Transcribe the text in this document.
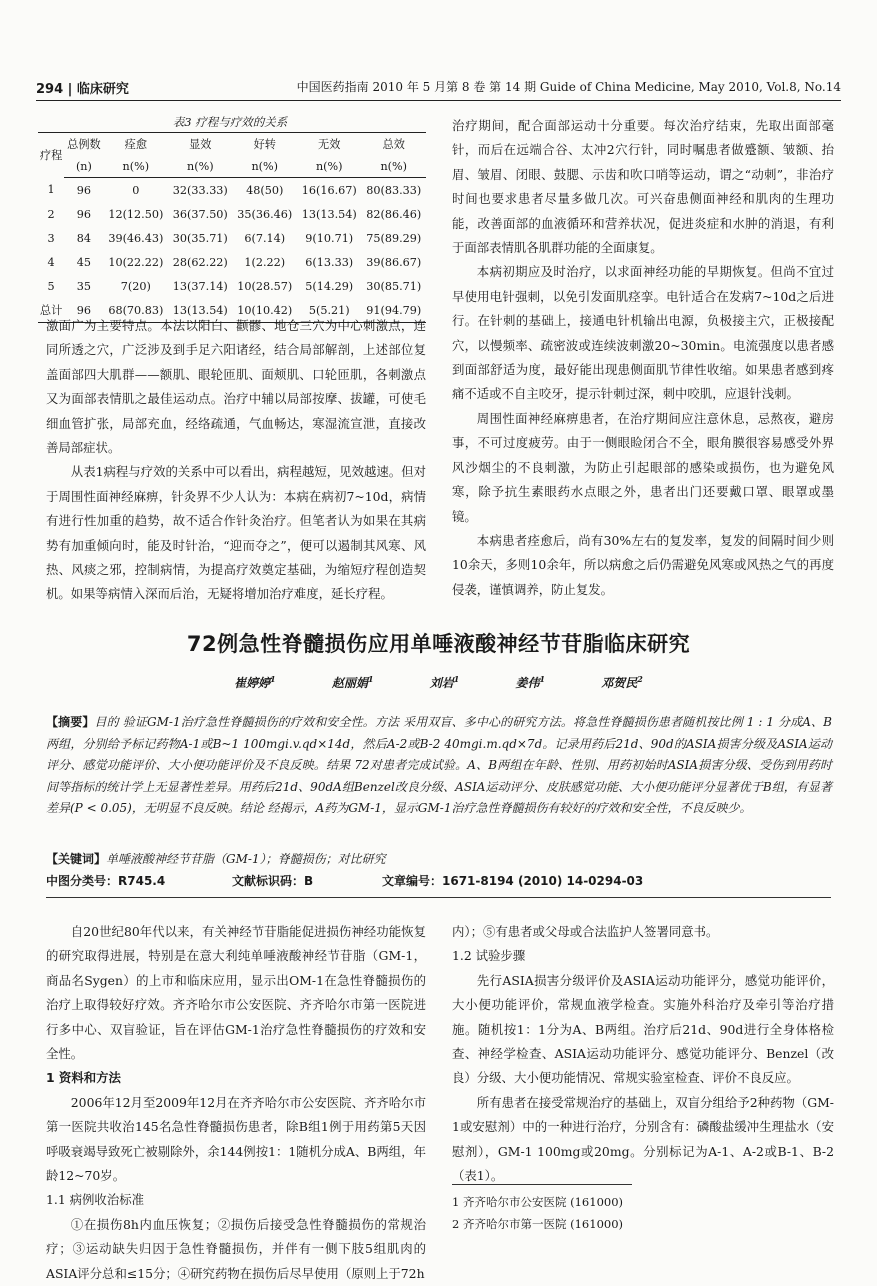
294 | 临床研究	中国医药指南 2010 年 5 月第 8 卷 第 14 期 Guide of China Medicine, May 2010, Vol.8, No.14
表3 疗程与疗效的关系
疗程	总例数	痊愈	显效	好转	无效	总效
	(n)	n(%)	n(%)	n(%)	n(%)	n(%)
1	96	0	32(33.33)	48(50)	16(16.67)	80(83.33)
2	96	12(12.50)	36(37.50)	35(36.46)	13(13.54)	82(86.46)
3	84	39(46.43)	30(35.71)	6(7.14)	9(10.71)	75(89.29)
4	45	10(22.22)	28(62.22)	1(2.22)	6(13.33)	39(86.67)
5	35	7(20)	13(37.14)	10(28.57)	5(14.29)	30(85.71)
总计	96	68(70.83)	13(13.54)	10(10.42)	5(5.21)	91(94.79)

激面广为主要特点。本法以阳白、颧髎、地仓三穴为中心刺激点，连同所透之穴，广泛涉及到手足六阳诸经，结合局部解剖，上述部位复盖面部四大肌群——额肌、眼轮匝肌、面颊肌、口轮匝肌，各刺激点又为面部表情肌之最佳运动点。治疗中辅以局部按摩、拔罐，可使毛细血管扩张，局部充血，经络疏通，气血畅达，寒湿流宣泄，直接改善局部症状。

从表1病程与疗效的关系中可以看出，病程越短，见效越速。但对于周围性面神经麻痹，针灸界不少人认为：本病在病初7~10d，病情有进行性加重的趋势，故不适合作针灸治疗。但笔者认为如果在其病势有加重倾向时，能及时针治，“迎而夺之”，便可以遏制其风寒、风热、风痰之邪，控制病情，为提高疗效奠定基础，为缩短疗程创造契机。如果等病情入深而后治，无疑将增加治疗难度，延长疗程。

治疗期间，配合面部运动十分重要。每次治疗结束，先取出面部毫针，而后在远端合谷、太冲2穴行针，同时嘱患者做蹙额、皱额、抬眉、皱眉、闭眼、鼓腮、示齿和吹口哨等运动，谓之“动刺”，非治疗时间也要求患者尽量多做几次。可兴奋患侧面神经和肌肉的生理功能，改善面部的血液循环和营养状况，促进炎症和水肿的消退，有利于面部表情肌各肌群功能的全面康复。

本病初期应及时治疗，以求面神经功能的早期恢复。但尚不宜过早使用电针强刺，以免引发面肌痉挛。电针适合在发病7~10d之后进行。在针刺的基础上，接通电针机输出电源，负极接主穴，正极接配穴，以慢频率、疏密波或连续波刺激20~30min。电流强度以患者感到面部舒适为度，最好能出现患侧面肌节律性收缩。如果患者感到疼痛不适或不自主咬牙，提示针刺过深，刺中咬肌，应退针浅刺。

周围性面神经麻痹患者，在治疗期间应注意休息，忌熬夜，避房事，不可过度疲劳。由于一侧眼睑闭合不全，眼角膜很容易感受外界风沙烟尘的不良刺激，为防止引起眼部的感染或损伤，也为避免风寒，除予抗生素眼药水点眼之外，患者出门还要戴口罩、眼罩或墨镜。

本病患者痊愈后，尚有30%左右的复发率，复发的间隔时间少则10余天，多则10余年，所以病愈之后仍需避免风寒或风热之气的再度侵袭，谨慎调养，防止复发。

72例急性脊髓损伤应用单唾液酸神经节苷脂临床研究
崔婷婷$^1$	赵丽娟$^1$	刘岩$^1$	姜伟$^1$	邓贺民$^2$
【摘要】目的 验证GM-1治疗急性脊髓损伤的疗效和安全性。方法 采用双盲、多中心的研究方法。将急性脊髓损伤患者随机按比例 1 : 1 分成A、B两组，分别给予标记药物A-1或B~1 100mgi.v.qd×14d，然后A-2或B-2 40mgi.m.qd×7d。记录用药后21d、90d的ASIA损害分级及ASIA运动评分、感觉功能评价、大小便功能评价及不良反映。结果 72对患者完成试验。A、B两组在年龄、性别、用药初始时ASIA损害分级、受伤到用药时间等指标的统计学上无显著性差异。用药后21d、90dA组Benzel改良分级、ASIA运动评分、皮肤感觉功能、大小便功能评分显著优于B组，有显著差异(P < 0.05)，无明显不良反映。结论 经揭示，A药为GM-1，显示GM-1治疗急性脊髓损伤有较好的疗效和安全性，不良反映少。
【关键词】单唾液酸神经节苷脂（GM-1）；脊髓损伤；对比研究
中图分类号：R745.4	文献标识码：B	文章编号：1671-8194 (2010) 14-0294-03

自20世纪80年代以来，有关神经节苷脂能促进损伤神经功能恢复的研究取得进展，特别是在意大利纯单唾液酸神经节苷脂（GM-1，商品名Sygen）的上市和临床应用，显示出OM-1在急性脊髓损伤的治疗上取得较好疗效。齐齐哈尔市公安医院、齐齐哈尔市第一医院进行多中心、双盲验证，旨在评估GM-1治疗急性脊髓损伤的疗效和安全性。

1 资料和方法

2006年12月至2009年12月在齐齐哈尔市公安医院、齐齐哈尔市第一医院共收治145名急性脊髓损伤患者，除B组1例于用药第5天因呼吸衰竭导致死亡被剔除外，余144例按1：1随机分成A、B两组，年龄12~70岁。

1.1 病例收治标准

①在损伤8h内血压恢复；②损伤后接受急性脊髓损伤的常规治疗；③运动缺失归因于急性脊髓损伤，并伴有一侧下肢5组肌肉的ASIA评分总和≤15分；④研究药物在损伤后尽早使用（原则上于72h

内）；⑤有患者或父母或合法监护人签署同意书。

1.2 试验步骤

先行ASIA损害分级评价及ASIA运动功能评分，感觉功能评价，大小便功能评价，常规血液学检查。实施外科治疗及牵引等治疗措施。随机按1：1分为A、B两组。治疗后21d、90d进行全身体格检查、神经学检查、ASIA运动功能评分、感觉功能评分、Benzel（改良）分级、大小便功能情况、常规实验室检查、评价不良反应。

所有患者在接受常规治疗的基础上，双盲分组给予2种药物（GM-1或安慰剂）中的一种进行治疗，分别含有：磷酸盐缓冲生理盐水（安慰剂），GM-1 100mg或20mg。分别标记为A-1、A-2或B-1、B-2（表1）。

1 齐齐哈尔市公安医院 (161000)
2 齐齐哈尔市第一医院 (161000)
